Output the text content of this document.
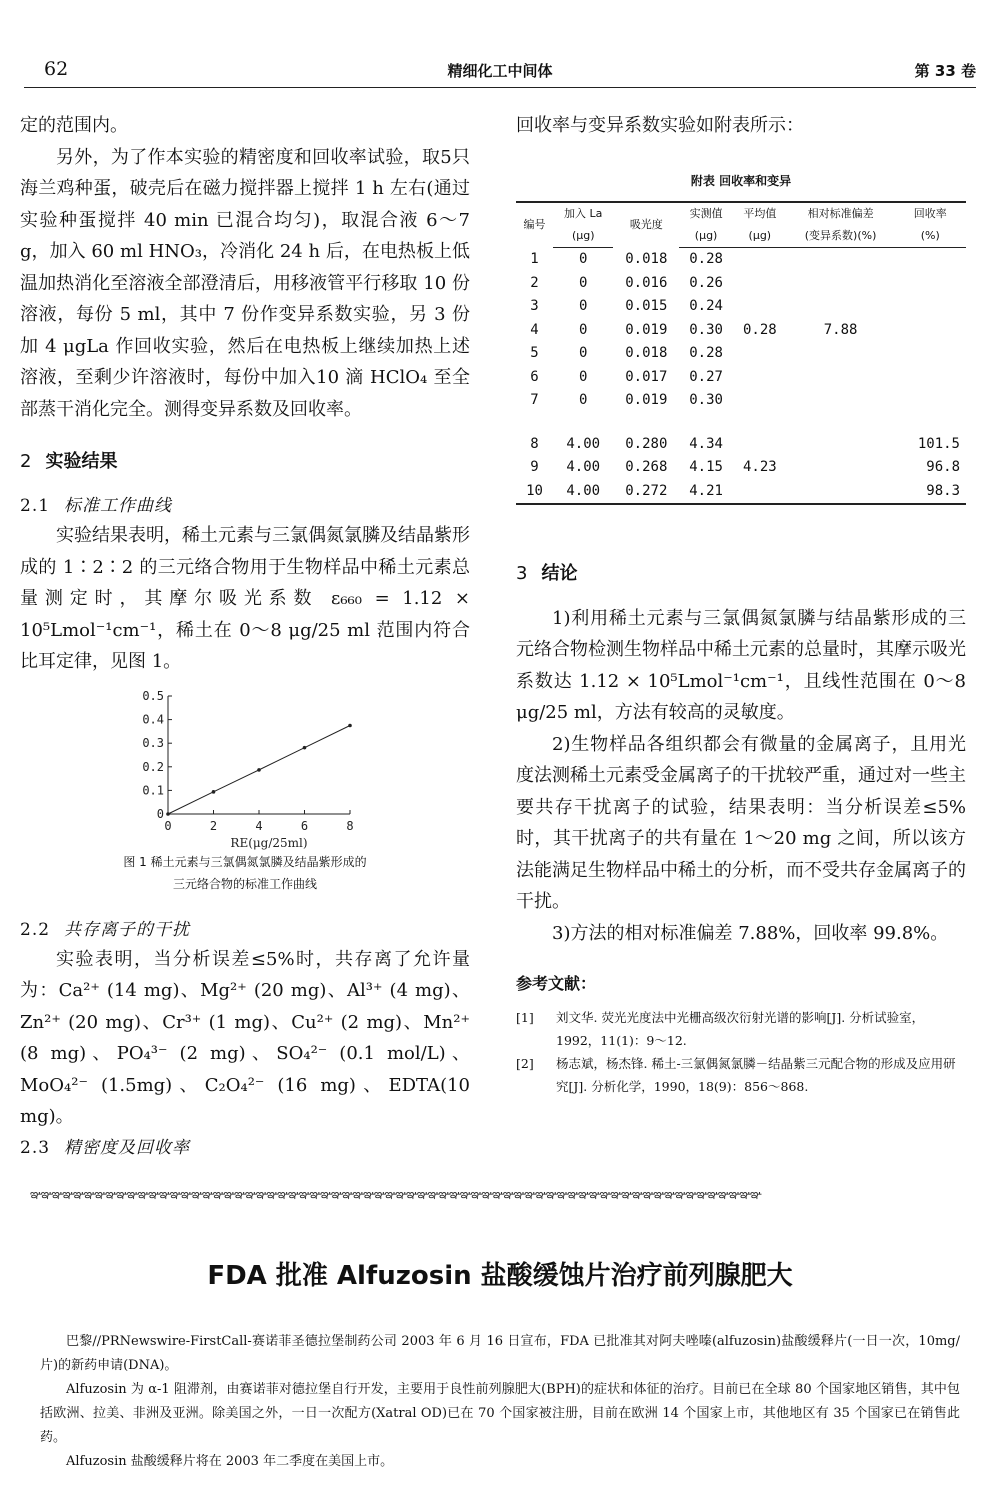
62	精细化工中间体	第 33 卷

定的范围内。

另外，为了作本实验的精密度和回收率试验，取5只海兰鸡种蛋，破壳后在磁力搅拌器上搅拌 1 h 左右(通过实验种蛋搅拌 40 min 已混合均匀)，取混合液 6～7 g，加入 60 ml HNO₃，冷消化 24 h 后，在电热板上低温加热消化至溶液全部澄清后，用移液管平行移取 10 份溶液，每份 5 ml，其中 7 份作变异系数实验，另 3 份加 4 μgLa 作回收实验，然后在电热板上继续加热上述溶液，至剩少许溶液时，每份中加入10 滴 HClO₄ 至全部蒸干消化完全。测得变异系数及回收率。

2 实验结果
2.1 标准工作曲线

实验结果表明，稀土元素与三氯偶氮氯膦及结晶紫形成的 1∶2∶2 的三元络合物用于生物样品中稀土元素总量测定时，其摩尔吸光系数 ε₆₆₀ = 1.12 × 10⁵Lmol⁻¹cm⁻¹，稀土在 0～8 μg/25 ml 范围内符合比耳定律，见图 1。

0
0.1
0.2
0.3
0.4
0.5
0	2	4	6	8
RE(μg/25ml)
图 1 稀土元素与三氯偶氮氯膦及结晶紫形成的
三元络合物的标准工作曲线
2.2 共存离子的干扰

实验表明，当分析误差≤5%时，共存离了允许量为：Ca²⁺ (14 mg)、Mg²⁺ (20 mg)、Al³⁺ (4 mg)、Zn²⁺ (20 mg)、Cr³⁺ (1 mg)、Cu²⁺ (2 mg)、Mn²⁺ (8 mg)、PO₄³⁻ (2 mg)、SO₄²⁻ (0.1 mol/L)、MoO₄²⁻ (1.5mg)、C₂O₄²⁻ (16 mg)、EDTA(10 mg)。

2.3 精密度及回收率

回收率与变异系数实验如附表所示：

附表 回收率和变异
编号	加入 La	吸光度	实测值	平均值	相对标准偏差	回收率
	(μg)		(μg)	(μg)	(变异系数)(%)	(%)
1	0	0.018	0.28			
2	0	0.016	0.26			
3	0	0.015	0.24			
4	0	0.019	0.30	0.28	7.88	
5	0	0.018	0.28			
6	0	0.017	0.27			
7	0	0.019	0.30			

8	4.00	0.280	4.34			101.5
9	4.00	0.268	4.15	4.23		96.8
10	4.00	0.272	4.21			98.3
3 结论

1)利用稀土元素与三氯偶氮氯膦与结晶紫形成的三元络合物检测生物样品中稀土元素的总量时，其摩示吸光系数达 1.12 × 10⁵Lmol⁻¹cm⁻¹，且线性范围在 0～8 μg/25 ml，方法有较高的灵敏度。

2)生物样品各组织都会有微量的金属离子，且用光度法测稀土元素受金属离子的干扰较严重，通过对一些主要共存干扰离子的试验，结果表明：当分析误差≤5%时，其干扰离子的共有量在 1～20 mg 之间，所以该方法能满足生物样品中稀土的分析，而不受共存金属离子的干扰。

3)方法的相对标准偏差 7.88%，回收率 99.8%。

参考文献：

[1] 刘文华. 荧光光度法中光栅高级次衍射光谱的影响[J]. 分析试验室，1992，11(1)：9～12.

[2] 杨志斌，杨杰锋. 稀土-三氯偶氮氯膦－结晶紫三元配合物的形成及应用研究[J]. 分析化学，1990，18(9)：856～868.

ఞఞఞఞఞఞఞఞఞఞఞఞఞఞఞఞఞఞఞఞఞఞఞఞఞఞఞఞఞఞఞఞఞఞఞఞఞఞఞఞఞఞఞఞఞఞఞఞఞఞఞఞఞఞఞఞఞఞఞఞఞఞఞఞఞఞఞఞ
FDA 批准 Alfuzosin 盐酸缓蚀片治疗前列腺肥大

巴黎//PRNewswire-FirstCall-赛诺菲圣德拉堡制药公司 2003 年 6 月 16 日宣布，FDA 已批准其对阿夫唑嗪(alfuzosin)盐酸缓释片(一日一次，10mg/片)的新药申请(DNA)。

Alfuzosin 为 α-1 阻滞剂，由赛诺菲对德拉堡自行开发，主要用于良性前列腺肥大(BPH)的症状和体征的治疗。目前已在全球 80 个国家地区销售，其中包括欧洲、拉美、非洲及亚洲。除美国之外，一日一次配方(Xatral OD)已在 70 个国家被注册，目前在欧洲 14 个国家上市，其他地区有 35 个国家已在销售此药。

Alfuzosin 盐酸缓释片将在 2003 年二季度在美国上市。
